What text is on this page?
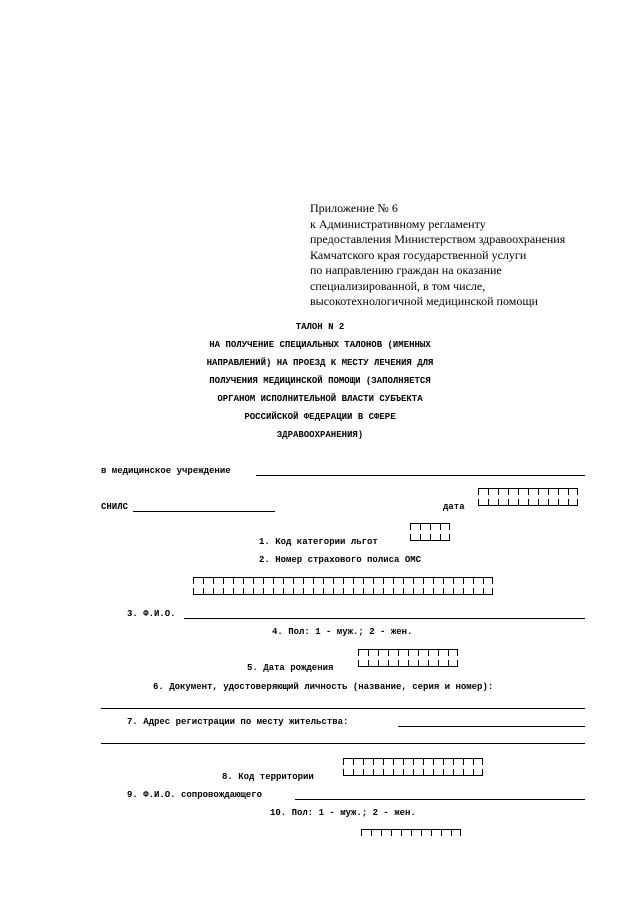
Приложение № 6
к Административному регламенту
предоставления Министерством здравоохранения
Камчатского края государственной услуги
по направлению граждан на оказание
специализированной, в том числе,
высокотехнологичной медицинской помощи
ТАЛОН N 2
НА ПОЛУЧЕНИЕ СПЕЦИАЛЬНЫХ ТАЛОНОВ (ИМЕННЫХ
НАПРАВЛЕНИЙ) НА ПРОЕЗД К МЕСТУ ЛЕЧЕНИЯ ДЛЯ
ПОЛУЧЕНИЯ МЕДИЦИНСКОЙ ПОМОЩИ (ЗАПОЛНЯЕТСЯ
ОРГАНОМ ИСПОЛНИТЕЛЬНОЙ ВЛАСТИ СУБЪЕКТА
РОССИЙСКОЙ ФЕДЕРАЦИИ В СФЕРЕ
ЗДРАВООХРАНЕНИЯ)
в медицинское учреждение
СНИЛС	дата
1. Код категории льгот
2. Номер страхового полиса ОМС
3. Ф.И.О.
4. Пол: 1 - муж.; 2 - жен.
5. Дата рождения
6. Документ, удостоверяющий личность (название, серия и номер):
7. Адрес регистрации по месту жительства:
8. Код территории
9. Ф.И.О. сопровождающего
10. Пол: 1 - муж.; 2 - жен.
